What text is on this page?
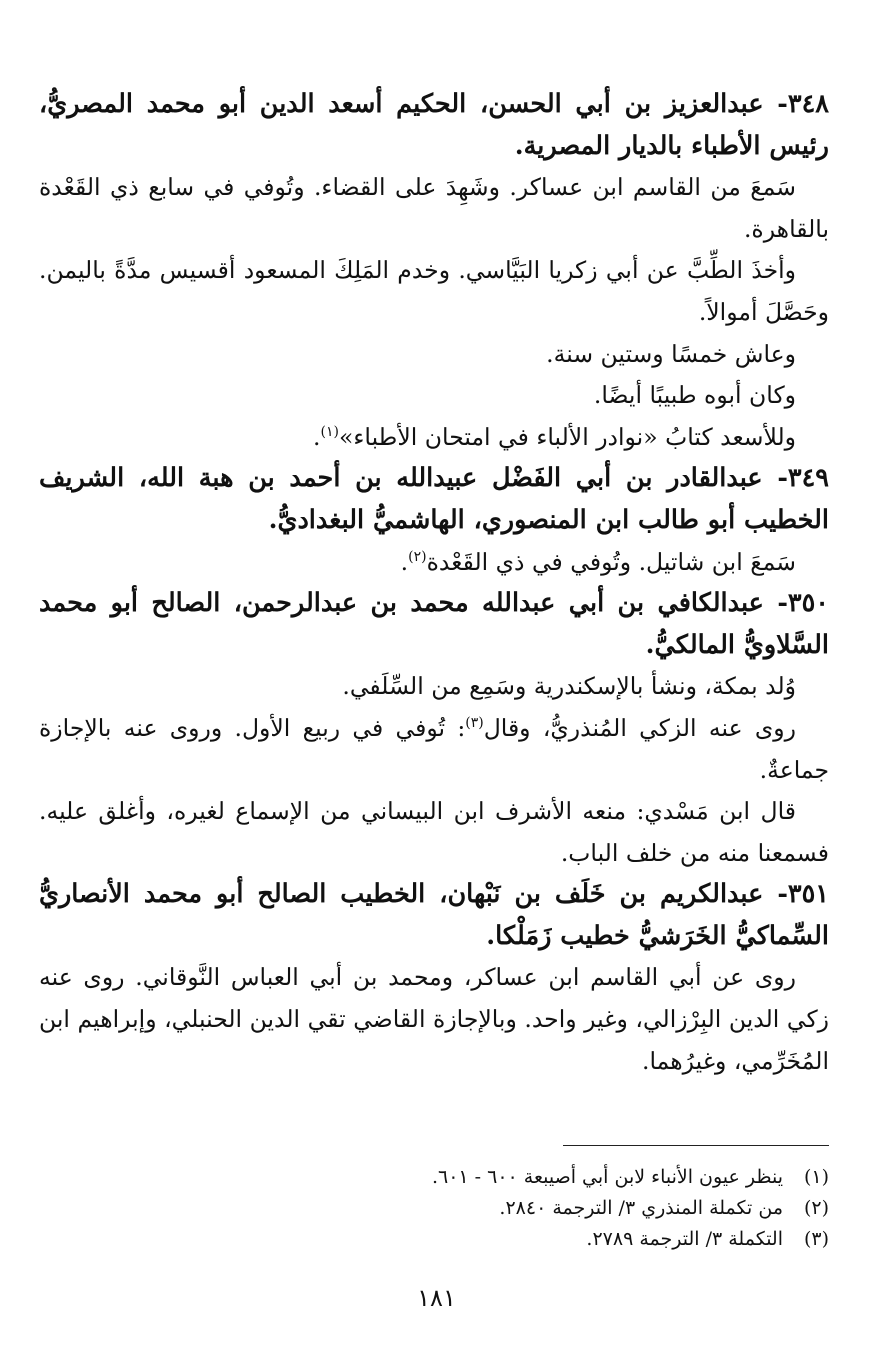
٣٤٨- عبدالعزيز بن أبي الحسن، الحكيم أسعد الدين أبو محمد المصريُّ، رئيس الأطباء بالديار المصرية.
سَمعَ من القاسم ابن عساكر. وشَهِدَ على القضاء. وتُوفي في سابع ذي القَعْدة بالقاهرة.
وأخذَ الطِّبَّ عن أبي زكريا البَيَّاسي. وخدم المَلِكَ المسعود أقسيس مدَّةً باليمن. وحَصَّلَ أموالاً.
وعاش خمسًا وستين سنة.
وكان أبوه طبيبًا أيضًا.
وللأسعد كتابُ «نوادر الألباء في امتحان الأطباء»$^{(١)}$.
٣٤٩- عبدالقادر بن أبي الفَضْل عبيدالله بن أحمد بن هبة الله، الشريف الخطيب أبو طالب ابن المنصوري، الهاشميُّ البغداديُّ.
سَمعَ ابن شاتيل. وتُوفي في ذي القَعْدة$^{(٢)}$.
٣٥٠- عبدالكافي بن أبي عبدالله محمد بن عبدالرحمن، الصالح أبو محمد السَّلاويُّ المالكيُّ.
وُلد بمكة، ونشأ بالإسكندرية وسَمِع من السِّلَفي.
روى عنه الزكي المُنذريُّ، وقال$^{(٣)}$: تُوفي في ربيع الأول. وروى عنه بالإجازة جماعةٌ.
قال ابن مَسْدي: منعه الأشرف ابن البيساني من الإسماع لغيره، وأغلق عليه. فسمعنا منه من خلف الباب.
٣٥١- عبدالكريم بن خَلَف بن نَبْهان، الخطيب الصالح أبو محمد الأنصاريُّ السِّماكيُّ الخَرَشيُّ خطيب زَمَلْكا.
روى عن أبي القاسم ابن عساكر، ومحمد بن أبي العباس النَّوقاني. روى عنه زكي الدين البِرْزالي، وغير واحد. وبالإجازة القاضي تقي الدين الحنبلي، وإبراهيم ابن المُخَرِّمي، وغيرُهما.
(١)ينظر عيون الأنباء لابن أبي أصيبعة ٦٠٠ - ٦٠١.
(٢)من تكملة المنذري ٣/ الترجمة ٢٨٤٠.
(٣)التكملة ٣/ الترجمة ٢٧٨٩.
١٨١
